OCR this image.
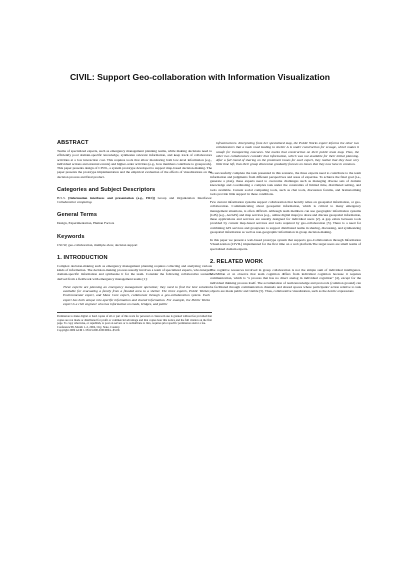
CIVIL: Support Geo-collaboration with Information Visualization
ABSTRACT

Teams of specialized experts, such as emergency management planning teams, while making decisions need to efficiently pool domain-specific knowledge, synthesize relevant information, and keep track of collaborators activities at a low interaction cost. This requires tools that allow monitoring both low-level information (e.g., individual actions and external events) and higher-order activities (e.g., how members contribute to groupwork). This paper presents design of CIVIL, a system prototype developed to support map-based decision-making. The paper presents the prototype implementation and the empirical evaluation of the effects of visualizations on the decision process and final product.

Categories and Subject Descriptors

H.5.3. [Information interfaces and presentation (e.g., HCI)] Group and Organization Interfaces: Collaborative computing.

General Terms

Design, Experimentation, Human Factors

Keywords

CSCW, geo-collaboration, multiple-view, decision support

1. INTRODUCTION

Complex decision-making such as emergency management planning requires collecting and analyzing various kinds of information. The decision-making process usually involves a team of specialized experts, who interpret domain-specific information and synthesize it for the team. Consider the following collaborative scenario derived from a fieldwork with emergency management teams [1]:

Three experts are planning an emergency management operation; they need to find the best solution available for evacuating a family from a flooded area to a shelter. The three experts, Public Worker, Environmental expert, and Mass Care expert, collaborate through a geo-collaboration system. Each expert has both unique role-specific information and shared information. For example, the Public Works expert is a civil engineer who has information on roads, bridges, and public

Permission to make digital or hard copies of all or part of this work for personal or classroom use is granted without fee provided that copies are not made or distributed for profit or commercial advantage and that copies bear this notice and the full citation on the first page. To copy otherwise, or republish, to post on servers or to redistribute to lists, requires prior specific permission and/or a fee.
Conference'09, Month 1–2, 2004, City, State, Country.
Copyright 2009 ACM 1-58113-000-0/00/0004...$5.00.

infrastructures. Interpreting from her specialized map, the Public Works expert informs the other two collaborators that a main road leading to shelter A is under construction for sewage, which makes it unsafe for transporting evacuees. She marks that construction on their public team map. Thus, the other two collaborators consider that information, which was not available for their initial planning. After a full round of sharing on the prominent issues for each expert, they realize that they have very little time left, thus their group discussion gradually focuses on issues that they now have in common.

To successfully complete the task presented in this scenario, the three experts need to contribute to the team information and judgments from different perspectives and areas of expertise. To achieve the final goal (i.e., generate a plan), these experts need to overcome challenges such as managing diverse sets of domain knowledge and coordinating a complex task under the constraints of limited time, distributed setting, and tools available. Current social computing tools, such as chat tools, discussion forums, and brainstorming tools provide little support in these conditions.

Few current information systems support collaboration that heavily relies on geospatial information, or geo-collaboration. Communicating about geospatial information, which is critical to many emergency management situations, is often difficult. Although team members can use geographic information systems (GIS) (e.g., ArcGIS) and map services (e.g., online digital maps) to share and discuss geospatial information, these applications and services are usually designed for individual users [2]. A gap exists between tools provided by current map-based services and tools required by geo-collaboration [3]. There is a need for combining GIS services and groupware to support distributed teams in sharing, discussing, and synthesizing geospatial information as well as non-geographic information in group decision-making.

In this paper we present a web-based prototype system that supports geo-Collaboration through Information VIsuaLization (CIVIL) implemented for the first time on a web platform.The target users are small teams of specialized domain experts.

2. RELATED WORK

The cognitive resources involved in group collaboration is not the simple sum of individual intelligence. MacMillan et al. observe that team cognition differs from individual cognition because it requires communication, which is "a process that has no direct analog in individual cognition" [4], except for the individual thinking process itself. The accumulation of team knowledge and protocols (common ground) can be facilitated through communication channels and shared spaces where participants' action relative to task objects are made public and visible [5]. Thus, collaborative visualization, such as the deictic expressions
